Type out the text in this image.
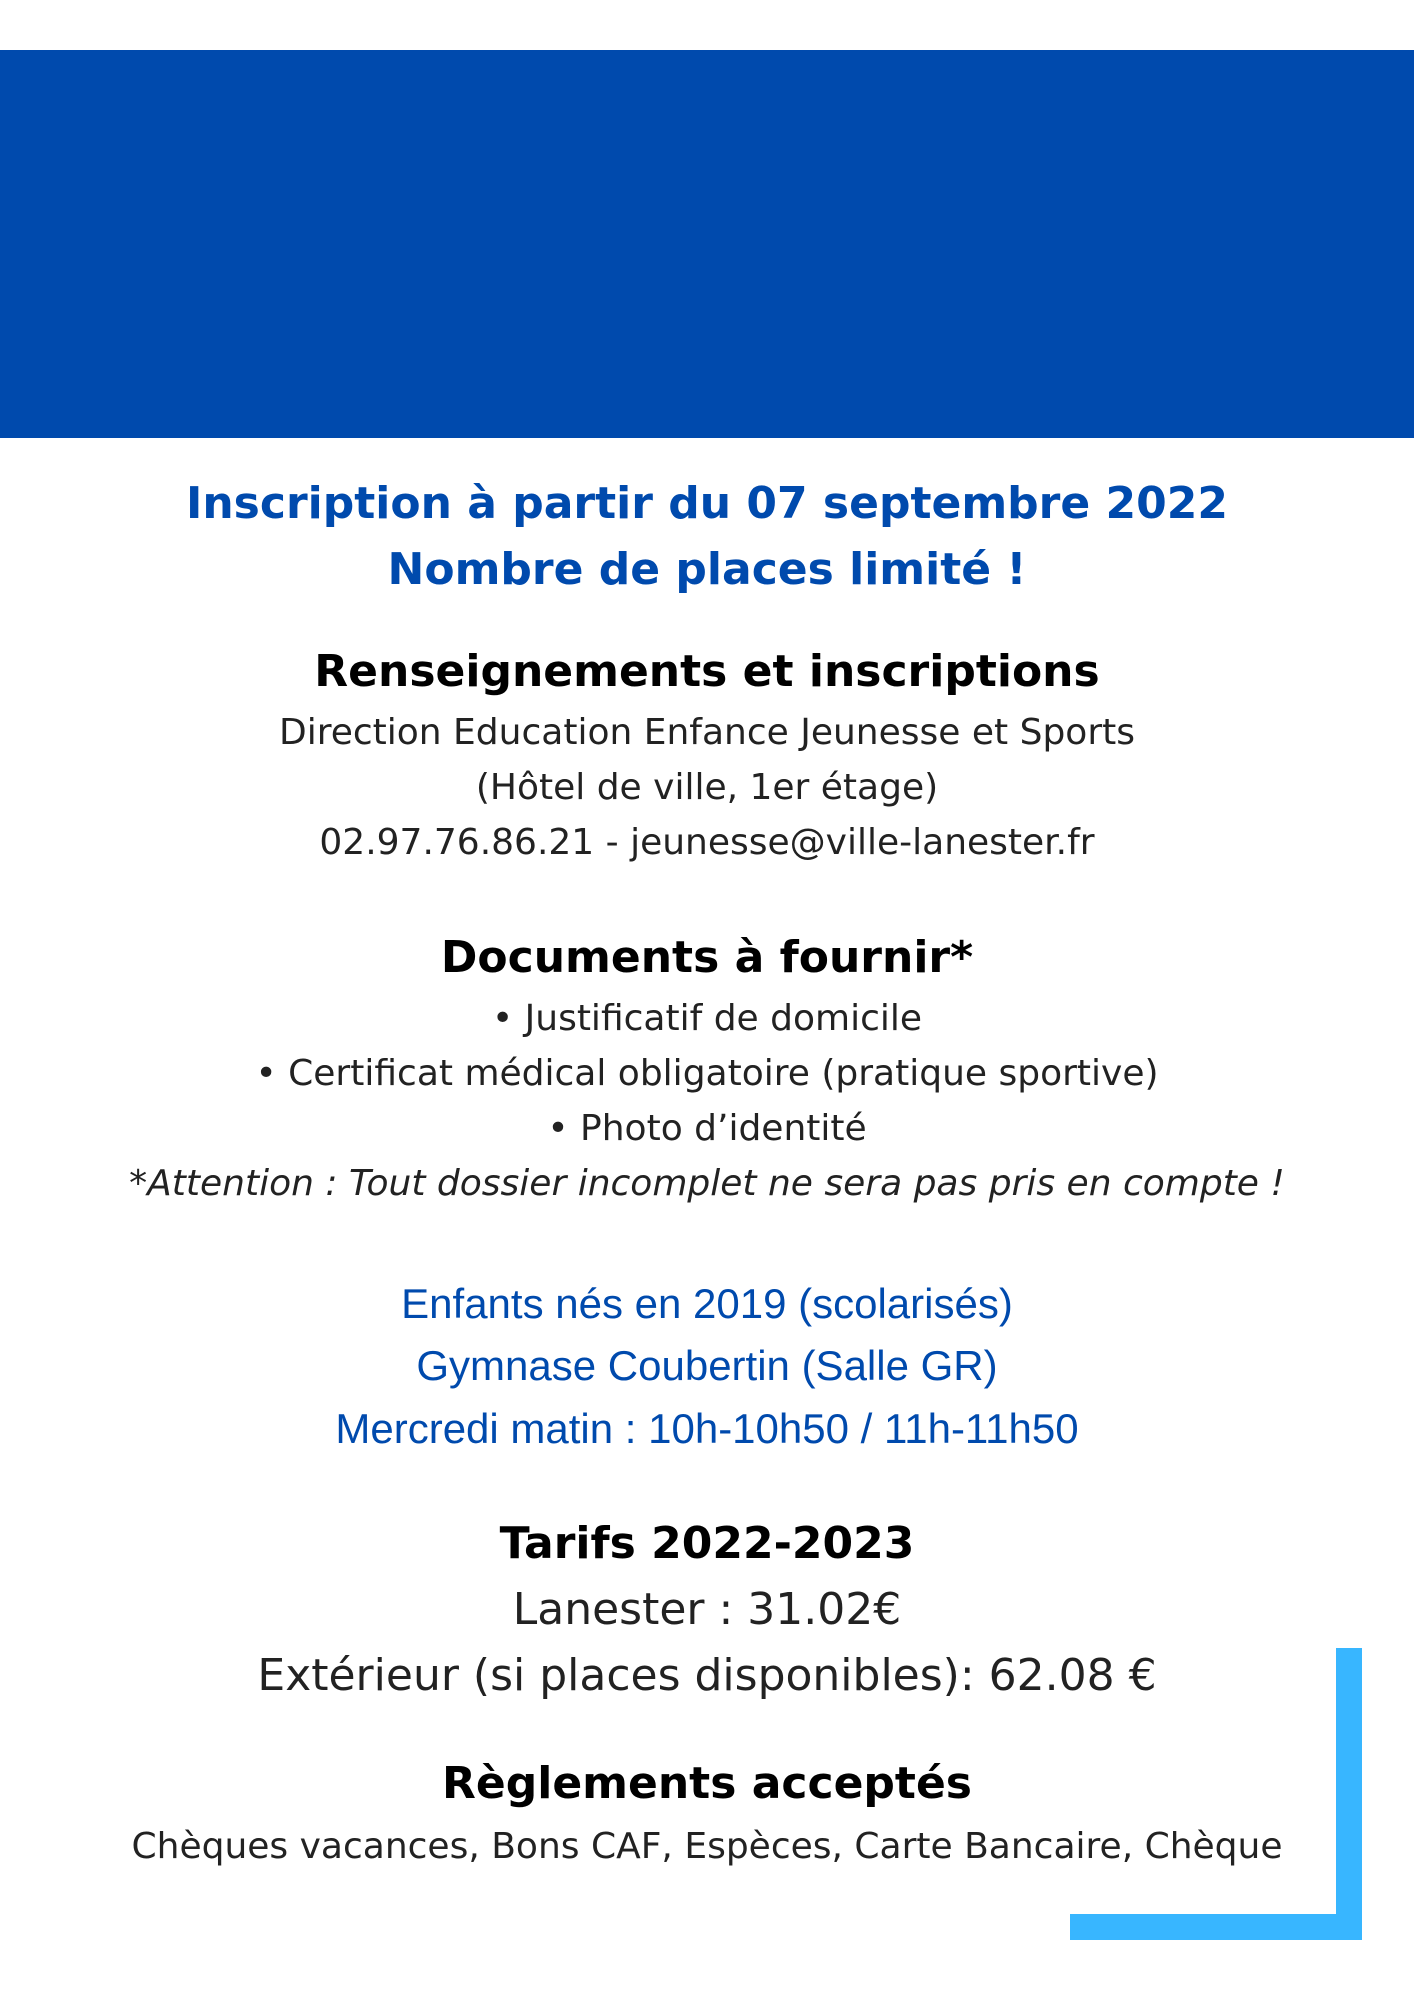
Inscription à partir du 07 septembre 2022
Nombre de places limité !
Renseignements et inscriptions
Direction Education Enfance Jeunesse et Sports
(Hôtel de ville, 1er étage)
02.97.76.86.21 - jeunesse@ville-lanester.fr
Documents à fournir*
• Justificatif de domicile
• Certificat médical obligatoire (pratique sportive)
• Photo d’identité
*Attention : Tout dossier incomplet ne sera pas pris en compte !
Enfants nés en 2019 (scolarisés)
Gymnase Coubertin (Salle GR)
Mercredi matin : 10h-10h50 / 11h-11h50
Tarifs 2022-2023
Lanester : 31.02€
Extérieur (si places disponibles): 62.08 €
Règlements acceptés
Chèques vacances, Bons CAF, Espèces, Carte Bancaire, Chèque
